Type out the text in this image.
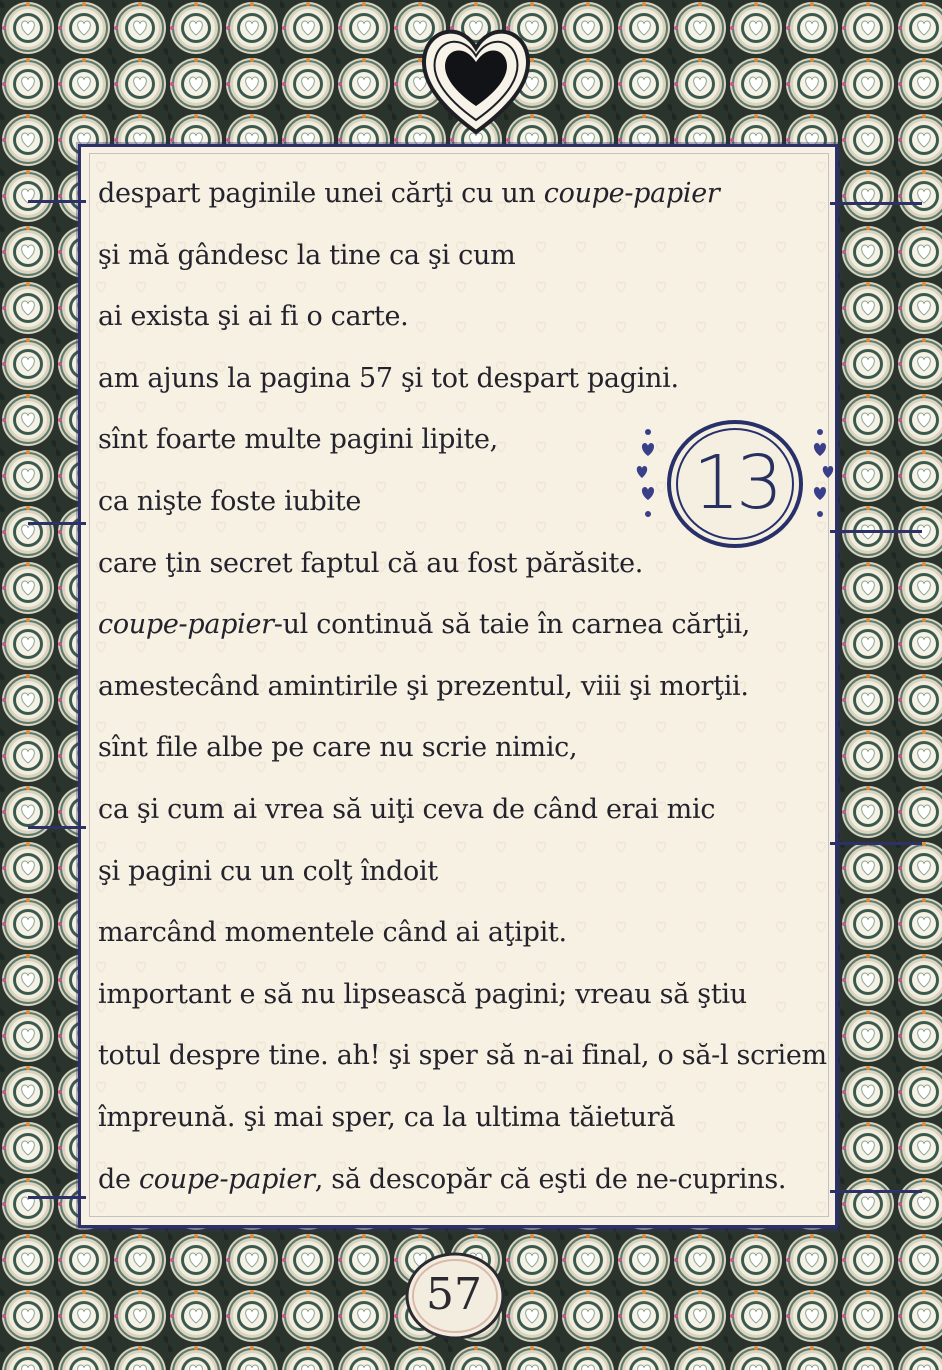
despart paginile unei cărţi cu un coupe-papier
şi mă gândesc la tine ca şi cum
ai exista şi ai fi o carte.
am ajuns la pagina 57 şi tot despart pagini.
sînt foarte multe pagini lipite,
ca nişte foste iubite
care ţin secret faptul că au fost părăsite.
coupe-papier-ul continuă să taie în carnea cărţii,
amestecând amintirile şi prezentul, viii şi morţii.
sînt file albe pe care nu scrie nimic,
ca şi cum ai vrea să uiţi ceva de când erai mic
şi pagini cu un colţ îndoit
marcând momentele când ai aţipit.
important e să nu lipsească pagini; vreau să ştiu
totul despre tine. ah! şi sper să n-ai final, o să-l scriem
împreună. şi mai sper, ca la ultima tăietură
de coupe-papier, să descopăr că eşti de ne-cuprins.
13
57
